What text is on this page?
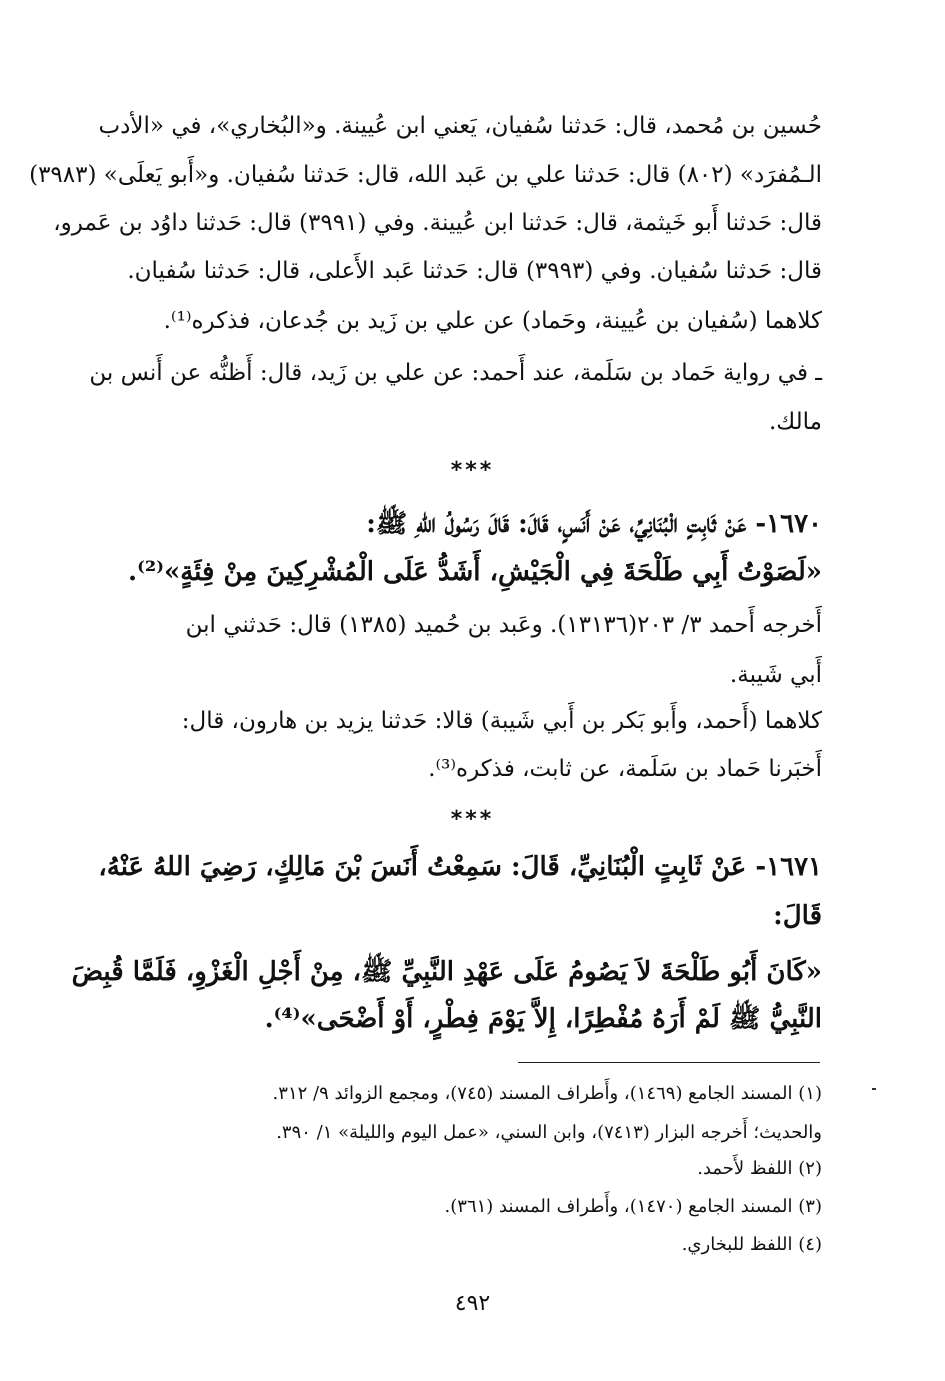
حُسين بن مُحمد، قال: حَدثنا سُفيان، يَعني ابن عُيينة. و«البُخاري»، في «الأدب
الـمُفرَد» (٨٠٢) قال: حَدثنا علي بن عَبد الله، قال: حَدثنا سُفيان. و«أَبو يَعلَى» (٣٩٨٣)
قال: حَدثنا أَبو خَيثمة، قال: حَدثنا ابن عُيينة. وفي (٣٩٩١) قال: حَدثنا داوُد بن عَمرو،
قال: حَدثنا سُفيان. وفي (٣٩٩٣) قال: حَدثنا عَبد الأَعلى، قال: حَدثنا سُفيان.
كلاهما (سُفيان بن عُيينة، وحَماد) عن علي بن زَيد بن جُدعان، فذكره⁽¹⁾.
ـ في رواية حَماد بن سَلَمة، عند أَحمد: عن علي بن زَيد، قال: أَظنُّه عن أَنس بن
مالك.
***
١٦٧٠- عَنْ ثَابِتٍ الْبُنَانِيِّ، عَنْ أَنَسٍ، قَالَ: قَالَ رَسُولُ اللهِ ﷺ:
«لَصَوْتُ أَبِي طَلْحَةَ فِي الْجَيْشِ، أَشَدُّ عَلَى الْمُشْرِكِينَ مِنْ فِئَةٍ»⁽²⁾.
أَخرجه أَحمد ٣/ ٢٠٣(١٣١٣٦). وعَبد بن حُميد (١٣٨٥) قال: حَدثني ابن
أَبي شَيبة.
كلاهما (أَحمد، وأَبو بَكر بن أَبي شَيبة) قالا: حَدثنا يزيد بن هارون، قال:
أَخبَرنا حَماد بن سَلَمة، عن ثابت، فذكره⁽³⁾.
***
١٦٧١- عَنْ ثَابِتٍ الْبُنَانِيِّ، قَالَ: سَمِعْتُ أَنَسَ بْنَ مَالِكٍ، رَضِيَ اللهُ عَنْهُ،
قَالَ:
«كَانَ أَبُو طَلْحَةَ لاَ يَصُومُ عَلَى عَهْدِ النَّبِيِّ ﷺ، مِنْ أَجْلِ الْغَزْوِ، فَلَمَّا قُبِضَ
النَّبِيُّ ﷺ لَمْ أَرَهُ مُفْطِرًا، إِلاَّ يَوْمَ فِطْرٍ، أَوْ أَضْحَى»⁽⁴⁾.
(١) المسند الجامع (١٤٦٩)، وأَطراف المسند (٧٤٥)، ومجمع الزوائد ٩/ ٣١٢.
والحديث؛ أَخرجه البزار (٧٤١٣)، وابن السني، «عمل اليوم والليلة» ١/ ٣٩٠.
(٢) اللفظ لأَحمد.
(٣) المسند الجامع (١٤٧٠)، وأَطراف المسند (٣٦١).
(٤) اللفظ للبخاري.
٤٩٢
